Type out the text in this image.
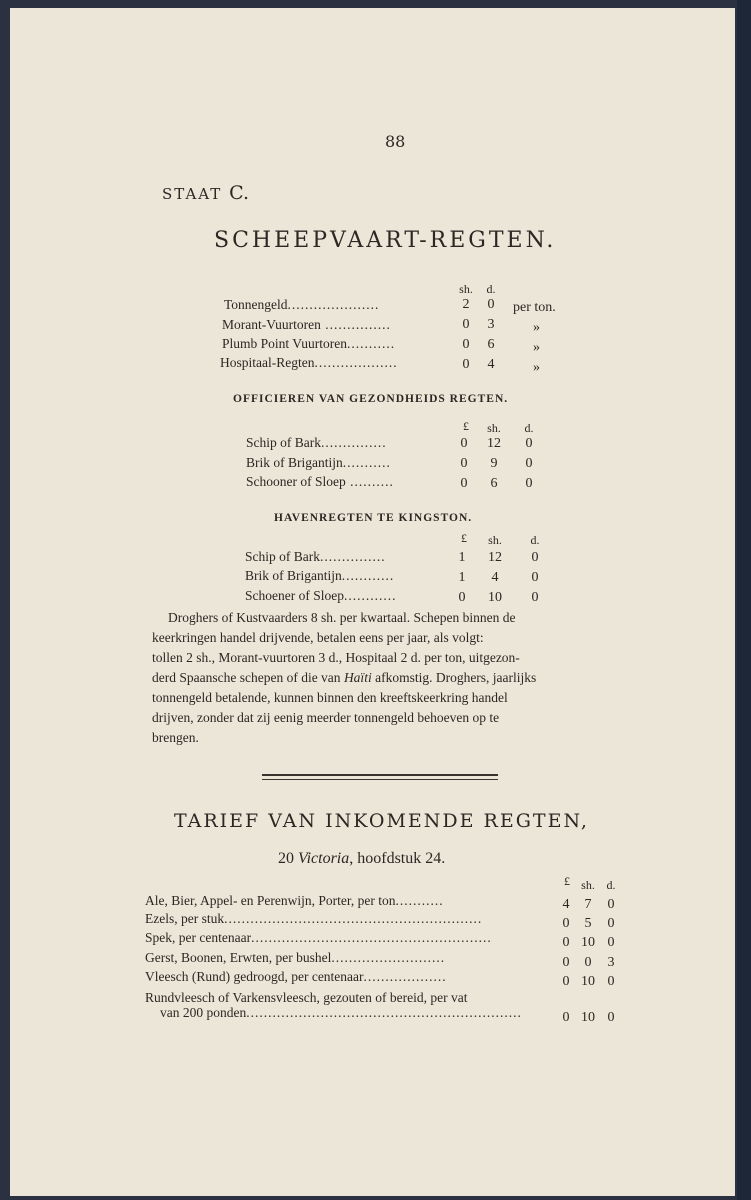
88
STAAT C.
SCHEEPVAART-REGTEN.
sh.	d.
Tonnengeld.....................	2	0	per ton.
Morant-Vuurtoren ...............	0	3	»
Plumb Point Vuurtoren...........	0	6	»
Hospitaal-Regten...................	0	4	»
OFFICIEREN VAN GEZONDHEIDS REGTEN.
£	sh.	d.
Schip of Bark...............	0	12	0
Brik of Brigantijn...........	0	9	0
Schooner of Sloep ..........	0	6	0
HAVENREGTEN TE KINGSTON.
£	sh.	d.
Schip of Bark...............	1	12	0
Brik of Brigantijn............	1	4	0
Schoener of Sloep............	0	10	0
Droghers of Kustvaarders 8 sh. per kwartaal. Schepen binnen de
keerkringen handel drijvende, betalen eens per jaar, als volgt:
tollen 2 sh., Morant-vuurtoren 3 d., Hospitaal 2 d. per ton, uitgezon-
derd Spaansche schepen of die van Haïti afkomstig. Droghers, jaarlijks
tonnengeld betalende, kunnen binnen den kreeftskeerkring handel
drijven, zonder dat zij eenig meerder tonnengeld behoeven op te
brengen.
TARIEF VAN INKOMENDE REGTEN,
20 Victoria, hoofdstuk 24.
£ sh. d.
Ale, Bier, Appel- en Perenwijn, Porter, per ton...........	4	7	0
Ezels, per stuk...........................................................	0	5	0
Spek, per centenaar.......................................................	0 10 0
Gerst, Boonen, Erwten, per bushel..........................	0	0	3
Vleesch (Rund) gedroogd, per centenaar...................	0 10 0
Rundvleesch of Varkensvleesch, gezouten of bereid, per vat
van 200 ponden...............................................................	0 10 0
